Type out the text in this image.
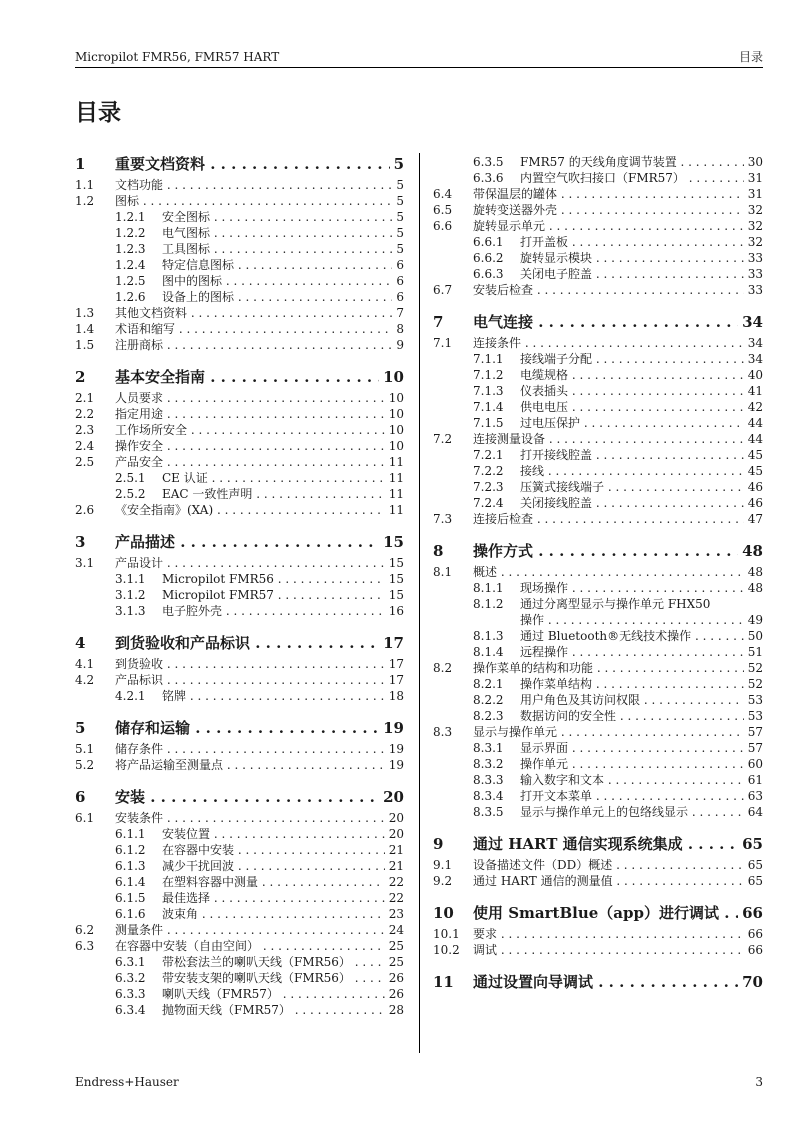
Micropilot FMR56, FMR57 HART	目录
目录
1	重要文档资料 . . .	5
1.1	文档功能 . . .	5
1.2	图标 . . .	5
1.2.1	安全图标 . . .	5
1.2.2	电气图标 . . .	5
1.2.3	工具图标 . . .	5
1.2.4	特定信息图标 . . .	6
1.2.5	图中的图标 . . .	6
1.2.6	设备上的图标 . . .	6
1.3	其他文档资料 . . .	7
1.4	术语和缩写 . . .	8
1.5	注册商标 . . .	9
2	基本安全指南 . . .	10
2.1	人员要求 . . .	10
2.2	指定用途 . . .	10
2.3	工作场所安全 . . .	10
2.4	操作安全 . . .	10
2.5	产品安全 . . .	11
2.5.1	CE 认证 . . .	11
2.5.2	EAC 一致性声明 . . .	11
2.6	《安全指南》(XA) . . .	11
3	产品描述 . . .	15
3.1	产品设计 . . .	15
3.1.1	Micropilot FMR56 . . .	15
3.1.2	Micropilot FMR57 . . .	15
3.1.3	电子腔外壳 . . .	16
4	到货验收和产品标识 . . .	17
4.1	到货验收 . . .	17
4.2	产品标识 . . .	17
4.2.1	铭牌 . . .	18
5	储存和运输 . . .	19
5.1	储存条件 . . .	19
5.2	将产品运输至测量点 . . .	19
6	安装 . . .	20
6.1	安装条件 . . .	20
6.1.1	安装位置 . . .	20
6.1.2	在容器中安装 . . .	21
6.1.3	减少干扰回波 . . .	21
6.1.4	在塑料容器中测量 . . .	22
6.1.5	最佳选择 . . .	22
6.1.6	波束角 . . .	23
6.2	测量条件 . . .	24
6.3	在容器中安装（自由空间） . . .	25
6.3.1	带松套法兰的喇叭天线（FMR56） . . .	25
6.3.2	带安装支架的喇叭天线（FMR56） . . .	26
6.3.3	喇叭天线（FMR57） . . .	26
6.3.4	抛物面天线（FMR57） . . .	28
6.3.5	FMR57 的天线角度调节装置 . . .	30
6.3.6	内置空气吹扫接口（FMR57） . . .	31
6.4	带保温层的罐体 . . .	31
6.5	旋转变送器外壳 . . .	32
6.6	旋转显示单元 . . .	32
6.6.1	打开盖板 . . .	32
6.6.2	旋转显示模块 . . .	33
6.6.3	关闭电子腔盖 . . .	33
6.7	安装后检查 . . .	33
7	电气连接 . . .	34
7.1	连接条件 . . .	34
7.1.1	接线端子分配 . . .	34
7.1.2	电缆规格 . . .	40
7.1.3	仪表插头 . . .	41
7.1.4	供电电压 . . .	42
7.1.5	过电压保护 . . .	44
7.2	连接测量设备 . . .	44
7.2.1	打开接线腔盖 . . .	45
7.2.2	接线 . . .	45
7.2.3	压簧式接线端子 . . .	46
7.2.4	关闭接线腔盖 . . .	46
7.3	连接后检查 . . .	47
8	操作方式 . . .	48
8.1	概述 . . .	48
8.1.1	现场操作 . . .	48
8.1.2	通过分离型显示与操作单元 FHX50
操作 . . .	49
8.1.3	通过 Bluetooth®无线技术操作 . . .	50
8.1.4	远程操作 . . .	51
8.2	操作菜单的结构和功能 . . .	52
8.2.1	操作菜单结构 . . .	52
8.2.2	用户角色及其访问权限 . . .	53
8.2.3	数据访问的安全性 . . .	53
8.3	显示与操作单元 . . .	57
8.3.1	显示界面 . . .	57
8.3.2	操作单元 . . .	60
8.3.3	输入数字和文本 . . .	61
8.3.4	打开文本菜单 . . .	63
8.3.5	显示与操作单元上的包络线显示 . . .	64
9	通过 HART 通信实现系统集成 . . .	65
9.1	设备描述文件（DD）概述 . . .	65
9.2	通过 HART 通信的测量值 . . .	65
10	使用 SmartBlue（app）进行调试 . . .	66
10.1	要求 . . .	66
10.2	调试 . . .	66
11	通过设置向导调试 . . .	70
Endress+Hauser	3
